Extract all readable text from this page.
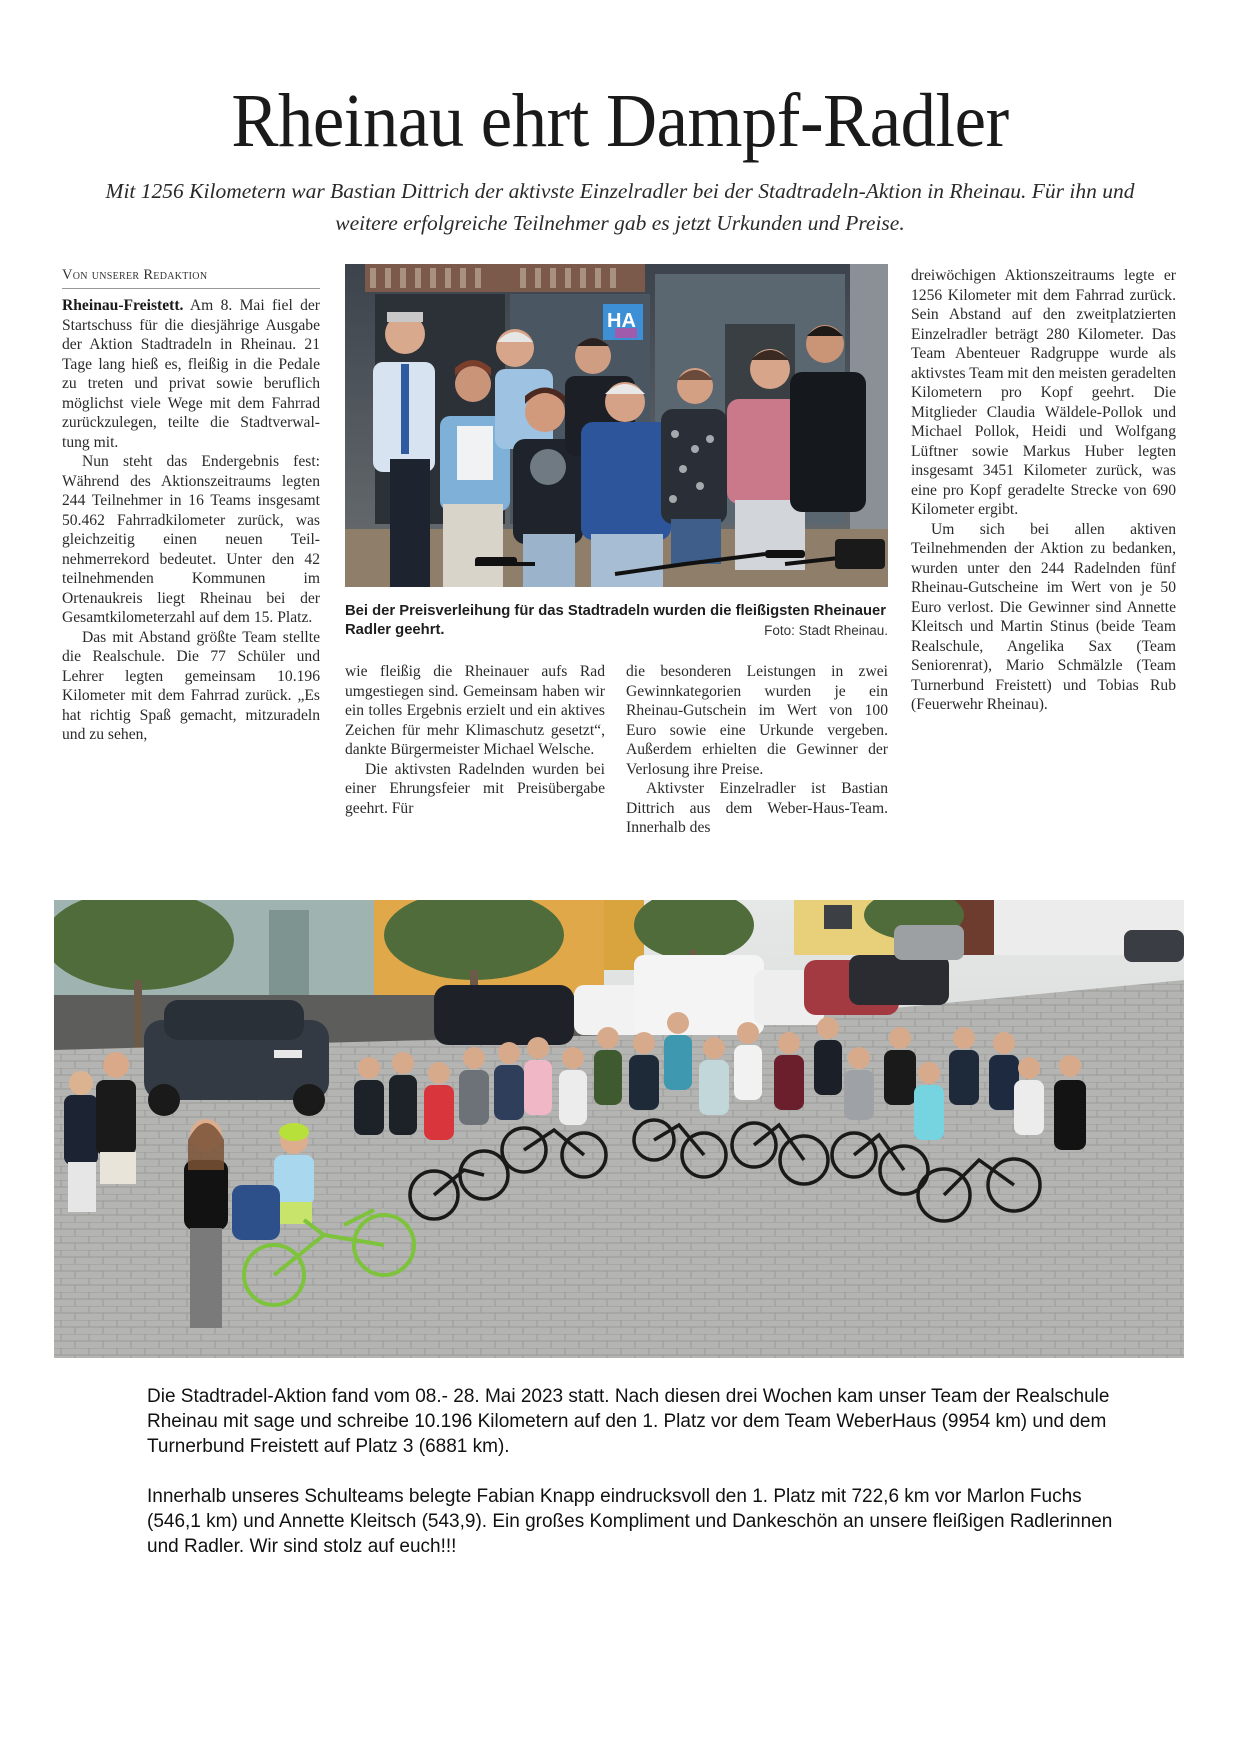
Rheinau ehrt Dampf-Radler
Mit 1256 Kilometern war Bastian Dittrich der aktivste Einzelradler bei der Stadtradeln-Aktion in Rheinau. Für ihn und weitere erfolgreiche Teilnehmer gab es jetzt Urkunden und Preise.
Von unserer Redaktion

Rheinau-Freistett. Am 8. Mai fiel der Startschuss für die diesjährige Ausgabe der Aktion Stadtradeln in Rheinau. 21 Tage lang hieß es, fleißig in die Pedale zu treten und privat sowie beruflich möglichst viele Wege mit dem Fahrrad zurückzulegen, teilte die Stadtverwaltung mit.

Nun steht das Endergebnis fest: Während des Aktionszeitraums legten 244 Teilnehmer in 16 Teams insgesamt 50.462 Fahrradkilometer zurück, was gleichzeitig einen neuen Teilnehmerrekord bedeutet. Unter den 42 teilnehmenden Kommunen im Ortenaukreis liegt Rheinau bei der Gesamtkilometerzahl auf dem 15. Platz.

Das mit Abstand größte Team stellte die Realschule. Die 77 Schüler und Lehrer legten gemeinsam 10.196 Kilometer mit dem Fahrrad zurück. „Es hat richtig Spaß gemacht, mitzuradeln und zu sehen,

HA
Bei der Preisverleihung für das Stadtradeln wurden die fleißigsten Rheinauer Radler geehrt.	Foto: Stadt Rheinau.

wie fleißig die Rheinauer aufs Rad umgestiegen sind. Gemeinsam haben wir ein tolles Ergebnis erzielt und ein aktives Zeichen für mehr Klimaschutz gesetzt“, dankte Bürgermeister Michael Welsche.

Die aktivsten Radelnden wurden bei einer Ehrungsfeier mit Preisübergabe geehrt. Für

die besonderen Leistungen in zwei Gewinnkategorien wurden je ein Rheinau-Gutschein im Wert von 100 Euro sowie eine Urkunde vergeben. Außerdem erhielten die Gewinner der Verlosung ihre Preise.

Aktivster Einzelradler ist Bastian Dittrich aus dem Weber-Haus-Team. Innerhalb des

dreiwöchigen Aktionszeitraums legte er 1256 Kilometer mit dem Fahrrad zurück. Sein Abstand auf den zweitplatzierten Einzelradler beträgt 280 Kilometer. Das Team Abenteuer Radgruppe wurde als aktivstes Team mit den meisten geradelten Kilometern pro Kopf geehrt. Die Mitglieder Claudia Wäldele-Pollok und Michael Pollok, Heidi und Wolfgang Lüftner sowie Markus Huber legten insgesamt 3451 Kilometer zurück, was eine pro Kopf geradelte Strecke von 690 Kilometer ergibt.

Um sich bei allen aktiven Teilnehmenden der Aktion zu bedanken, wurden unter den 244 Radelnden fünf Rheinau-Gutscheine im Wert von je 50 Euro verlost. Die Gewinner sind Annette Kleitsch und Martin Stinus (beide Team Realschule, Angelika Sax (Team Seniorenrat), Mario Schmälzle (Team Turnerbund Freistett) und Tobias Rub (Feuerwehr Rheinau).

Die Stadtradel-Aktion fand vom 08.- 28. Mai 2023 statt. Nach diesen drei Wochen kam unser Team der Realschule Rheinau mit sage und schreibe 10.196 Kilometern auf den 1. Platz vor dem Team WeberHaus (9954 km) und dem Turnerbund Freistett auf Platz 3 (6881 km).

Innerhalb unseres Schulteams belegte Fabian Knapp eindrucksvoll den 1. Platz mit 722,6 km vor Marlon Fuchs (546,1 km) und Annette Kleitsch (543,9). Ein großes Kompliment und Dankeschön an unsere fleißigen Radlerinnen und Radler. Wir sind stolz auf euch!!!
